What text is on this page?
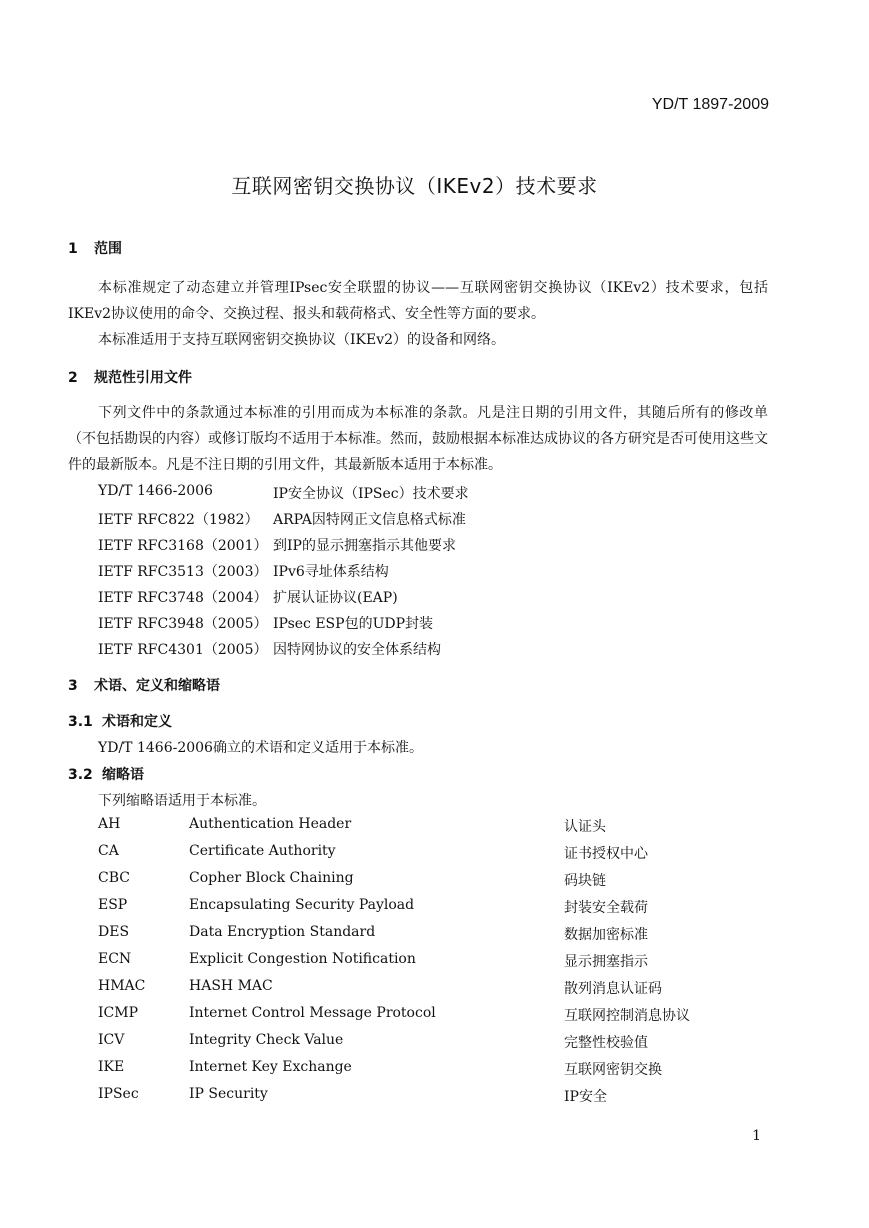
YD/T 1897-2009
互联网密钥交换协议（IKEv2）技术要求
1 范围
本标准规定了动态建立并管理IPsec安全联盟的协议——互联网密钥交换协议（IKEv2）技术要求，包括IKEv2协议使用的命令、交换过程、报头和载荷格式、安全性等方面的要求。
本标准适用于支持互联网密钥交换协议（IKEv2）的设备和网络。
2 规范性引用文件
下列文件中的条款通过本标准的引用而成为本标准的条款。凡是注日期的引用文件，其随后所有的修改单（不包括勘误的内容）或修订版均不适用于本标准。然而，鼓励根据本标准达成协议的各方研究是否可使用这些文件的最新版本。凡是不注日期的引用文件，其最新版本适用于本标准。
YD/T 1466-2006	IP安全协议（IPSec）技术要求
IETF RFC822（1982）	ARPA因特网正文信息格式标准
IETF RFC3168（2001） 到IP的显示拥塞指示其他要求
IETF RFC3513（2003） IPv6寻址体系结构
IETF RFC3748（2004） 扩展认证协议(EAP)
IETF RFC3948（2005） IPsec ESP包的UDP封装
IETF RFC4301（2005） 因特网协议的安全体系结构
3 术语、定义和缩略语
3.1 术语和定义
YD/T 1466-2006确立的术语和定义适用于本标准。
3.2 缩略语
下列缩略语适用于本标准。
AH	Authentication Header	认证头
CA	Certificate Authority	证书授权中心
CBC	Copher Block Chaining	码块链
ESP	Encapsulating Security Payload	封装安全载荷
DES	Data Encryption Standard	数据加密标准
ECN	Explicit Congestion Notification	显示拥塞指示
HMAC	HASH MAC	散列消息认证码
ICMP	Internet Control Message Protocol	互联网控制消息协议
ICV	Integrity Check Value	完整性校验值
IKE	Internet Key Exchange	互联网密钥交换
IPSec	IP Security	IP安全
1
